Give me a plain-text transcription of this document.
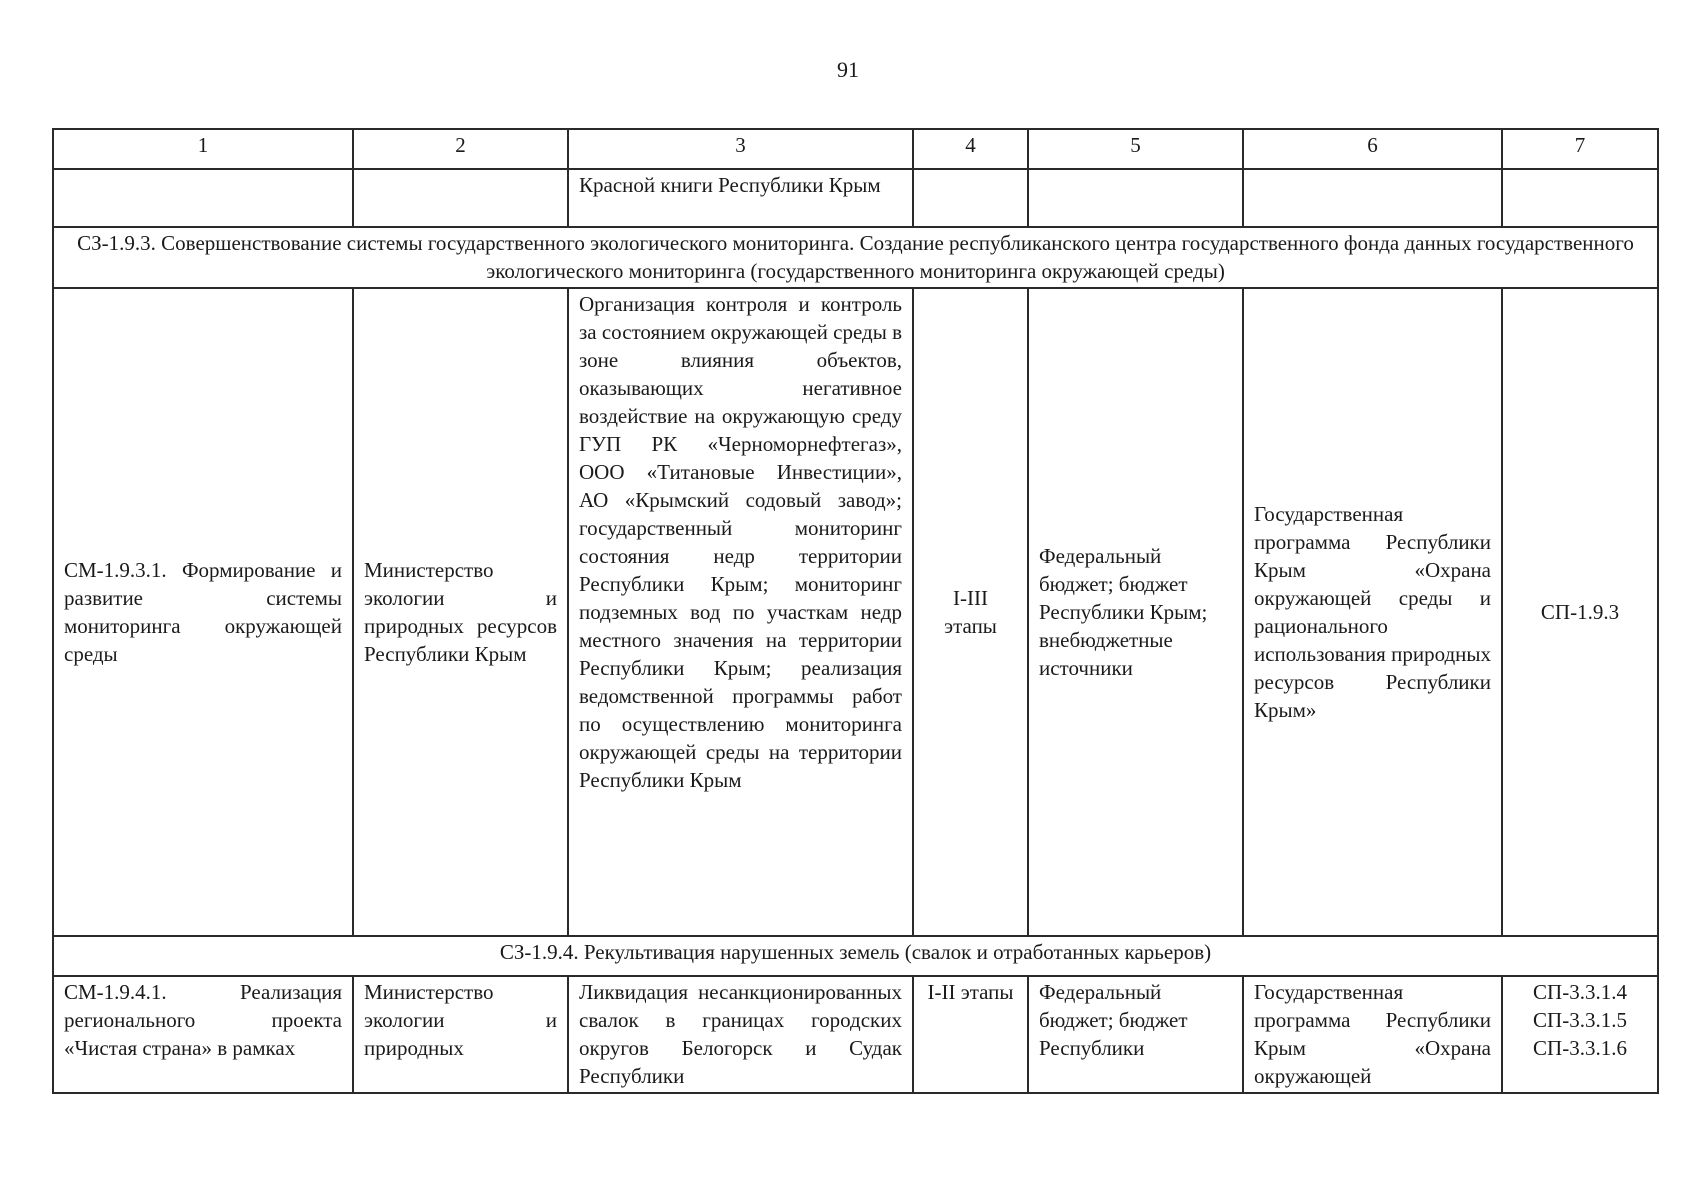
91
1	2	3	4	5	6	7
		Красной книги Республики Крым				
СЗ-1.9.3. Совершенствование системы государственного экологического мониторинга. Создание республиканского центра государственного фонда данных государственного экологического мониторинга (государственного мониторинга окружающей среды)						
СМ-1.9.3.1. Формирование и развитие системы мониторинга окружающей среды	Министерство экологии и природных ресурсов Республики Крым	Организация контроля и контроль за состоянием окружающей среды в зоне влияния объектов, оказывающих негативное воздействие на окружающую среду ГУП РК «Черноморнефтегаз», ООО «Титановые Инвестиции», АО «Крымский содовый завод»; государственный мониторинг состояния недр территории Республики Крым; мониторинг подземных вод по участкам недр местного значения на территории Республики Крым; реализация ведомственной программы работ по осуществлению мониторинга окружающей среды на территории Республики Крым	I-III этапы	Федеральный бюджет; бюджет Республики Крым; внебюджетные источники	Государственная программа Республики Крым «Охрана окружающей среды и рационального использования природных ресурсов Республики Крым»	СП-1.9.3
СЗ-1.9.4. Рекультивация нарушенных земель (свалок и отработанных карьеров)						
СМ-1.9.4.1. Реализация регионального проекта «Чистая страна» в рамках	Министерство экологии и природных	Ликвидация несанкционированных свалок в границах городских округов Белогорск и Судак Республики	I-II этапы	Федеральный бюджет; бюджет Республики	Государственная программа Республики Крым «Охрана окружающей	СП-3.3.1.4
СП-3.3.1.5
СП-3.3.1.6
